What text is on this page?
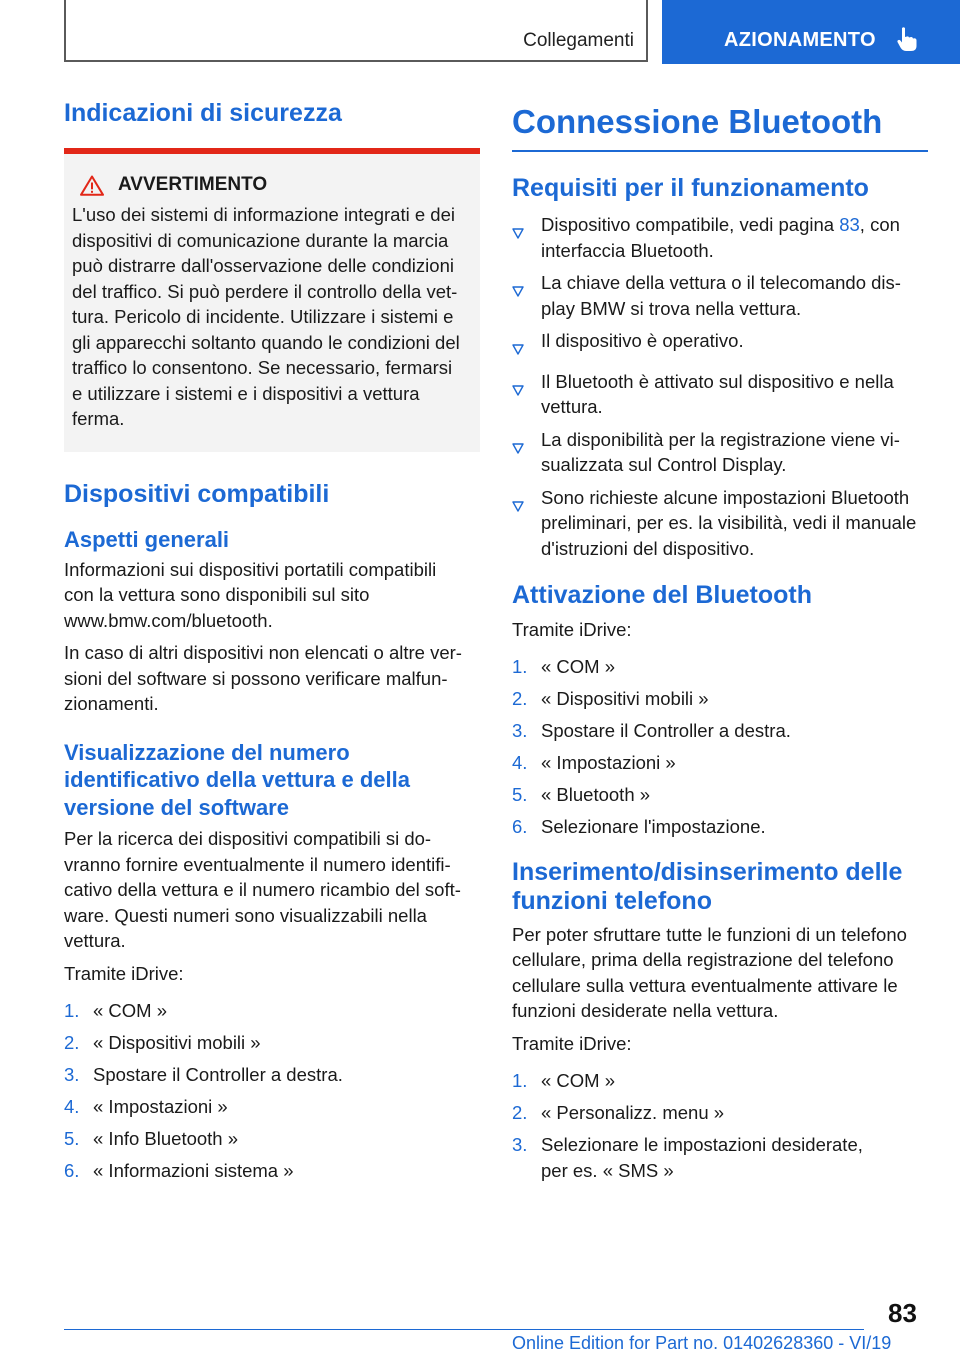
Collegamenti	AZIONAMENTO
Indicazioni di sicurezza
AVVERTIMENTO
L'uso dei sistemi di informazione integrati e dei
dispositivi di comunicazione durante la marcia
può distrarre dall'osservazione delle condizioni
del traffico. Si può perdere il controllo della vet-
tura. Pericolo di incidente. Utilizzare i sistemi e
gli apparecchi soltanto quando le condizioni del
traffico lo consentono. Se necessario, fermarsi
e utilizzare i sistemi e i dispositivi a vettura
ferma.
Dispositivi compatibili
Aspetti generali
Informazioni sui dispositivi portatili compatibili
con la vettura sono disponibili sul sito
www.bmw.com/bluetooth.
In caso di altri dispositivi non elencati o altre ver-
sioni del software si possono verificare malfun-
zionamenti.
Visualizzazione del numero
identificativo della vettura e della
versione del software
Per la ricerca dei dispositivi compatibili si do-
vranno fornire eventualmente il numero identifi-
cativo della vettura e il numero ricambio del soft-
ware. Questi numeri sono visualizzabili nella
vettura.
Tramite iDrive:
1. « COM »
2. « Dispositivi mobili »
3. Spostare il Controller a destra.
4. « Impostazioni »
5. « Info Bluetooth »
6. « Informazioni sistema »
Connessione Bluetooth
Requisiti per il funzionamento
Dispositivo compatibile, vedi pagina 83, con
interfaccia Bluetooth.
La chiave della vettura o il telecomando dis-
play BMW si trova nella vettura.
Il dispositivo è operativo.
Il Bluetooth è attivato sul dispositivo e nella
vettura.
La disponibilità per la registrazione viene vi-
sualizzata sul Control Display.
Sono richieste alcune impostazioni Bluetooth
preliminari, per es. la visibilità, vedi il manuale
d'istruzioni del dispositivo.
Attivazione del Bluetooth
Tramite iDrive:
1. « COM »
2. « Dispositivi mobili »
3. Spostare il Controller a destra.
4. « Impostazioni »
5. « Bluetooth »
6. Selezionare l'impostazione.
Inserimento/disinserimento delle
funzioni telefono
Per poter sfruttare tutte le funzioni di un telefono
cellulare, prima della registrazione del telefono
cellulare sulla vettura eventualmente attivare le
funzioni desiderate nella vettura.
Tramite iDrive:
1. « COM »
2. « Personalizz. menu »
3. Selezionare le impostazioni desiderate,
per es. « SMS »
83
Online Edition for Part no. 01402628360 - VI/19
